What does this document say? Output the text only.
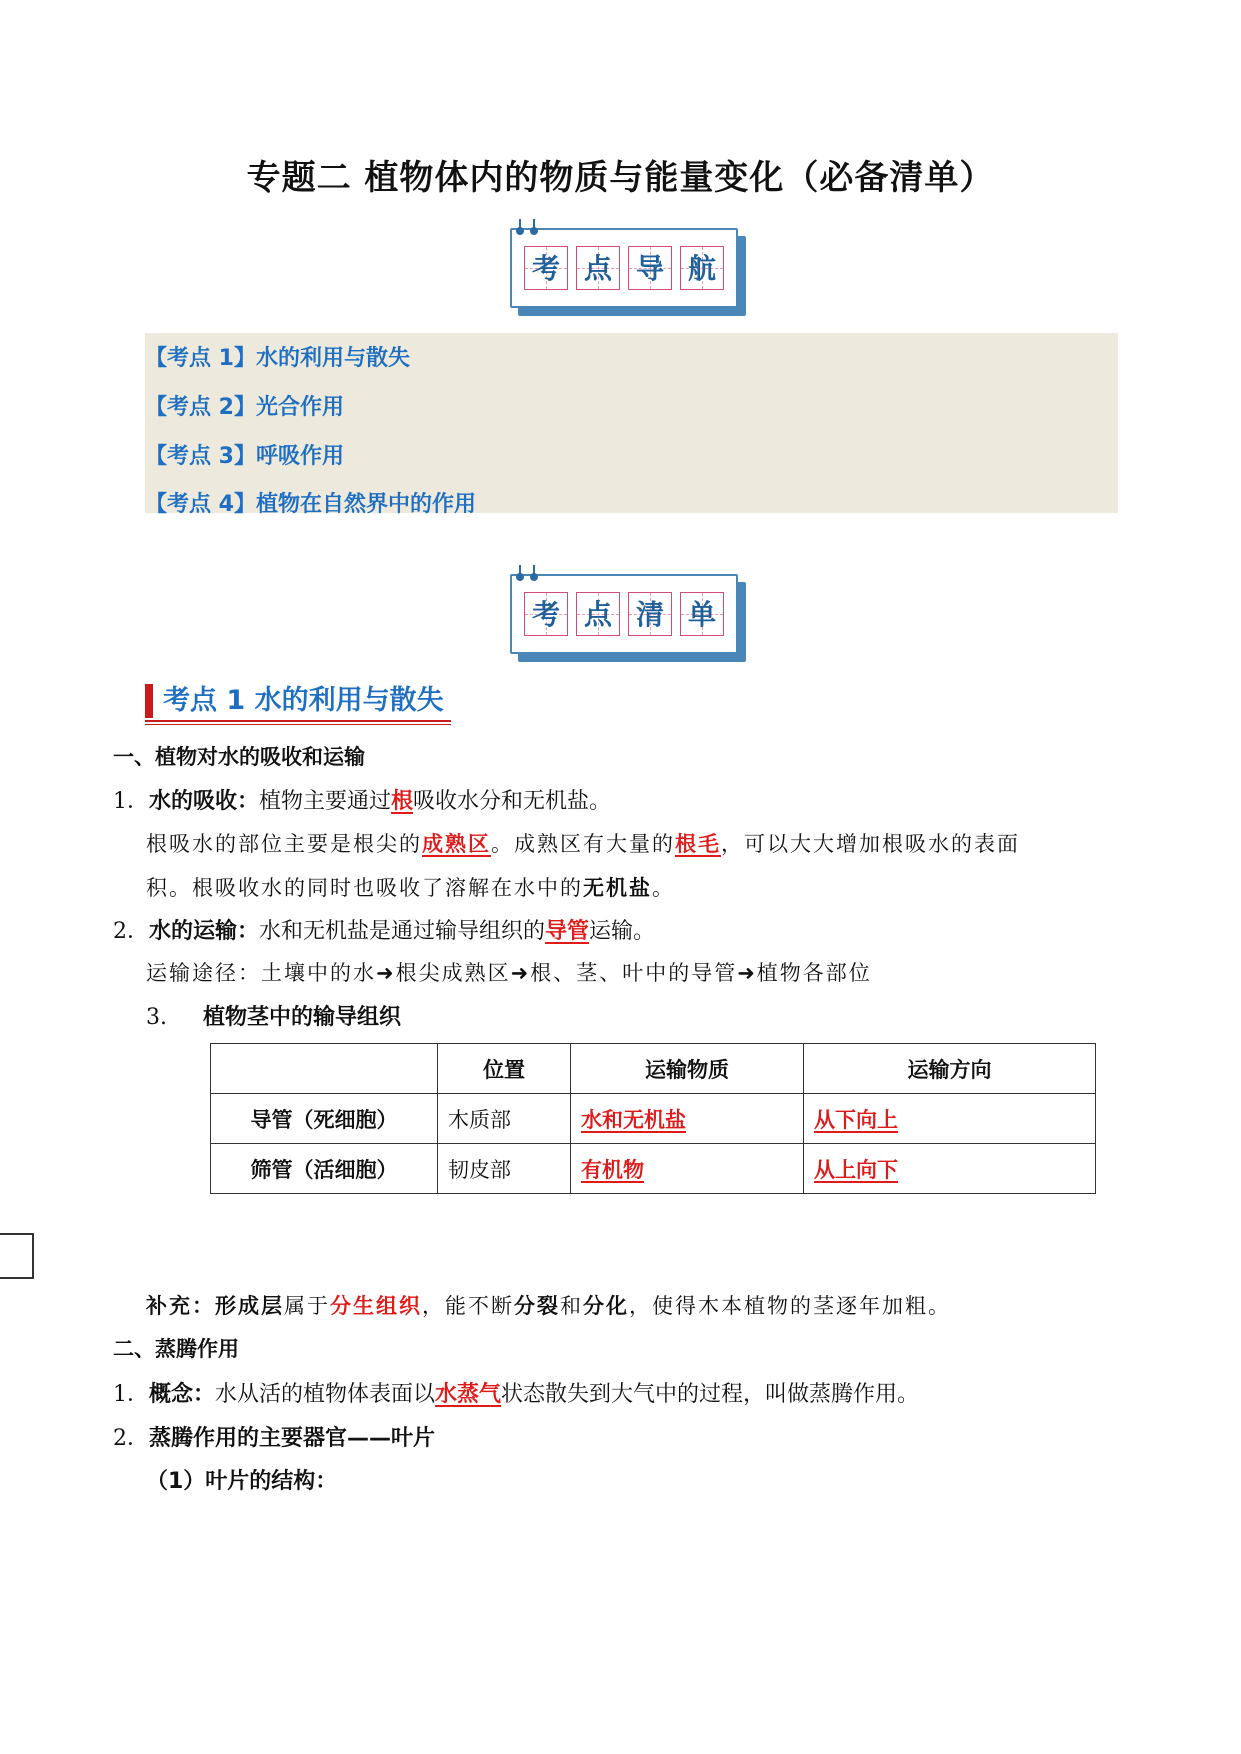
专题二 植物体内的物质与能量变化（必备清单）
考 点 导 航
【考点 1】水的利用与散失
【考点 2】光合作用
【考点 3】呼吸作用
【考点 4】植物在自然界中的作用
考 点 清 单
考点 1 水的利用与散失
一、植物对水的吸收和运输
1．水的吸收：植物主要通过根吸收水分和无机盐。
根吸水的部位主要是根尖的成熟区。成熟区有大量的根毛，可以大大增加根吸水的表面
积。根吸收水的同时也吸收了溶解在水中的无机盐。
2．水的运输：水和无机盐是通过输导组织的导管运输。
运输途径：土壤中的水➜根尖成熟区➜根、茎、叶中的导管➜植物各部位
3. 植物茎中的输导组织
	位置	运输物质	运输方向
导管（死细胞）	木质部	水和无机盐	从下向上
筛管（活细胞）	韧皮部	有机物	从上向下
补充：形成层属于分生组织，能不断分裂和分化，使得木本植物的茎逐年加粗。
二、蒸腾作用
1．概念：水从活的植物体表面以水蒸气状态散失到大气中的过程，叫做蒸腾作用。
2．蒸腾作用的主要器官——叶片
（1）叶片的结构：
